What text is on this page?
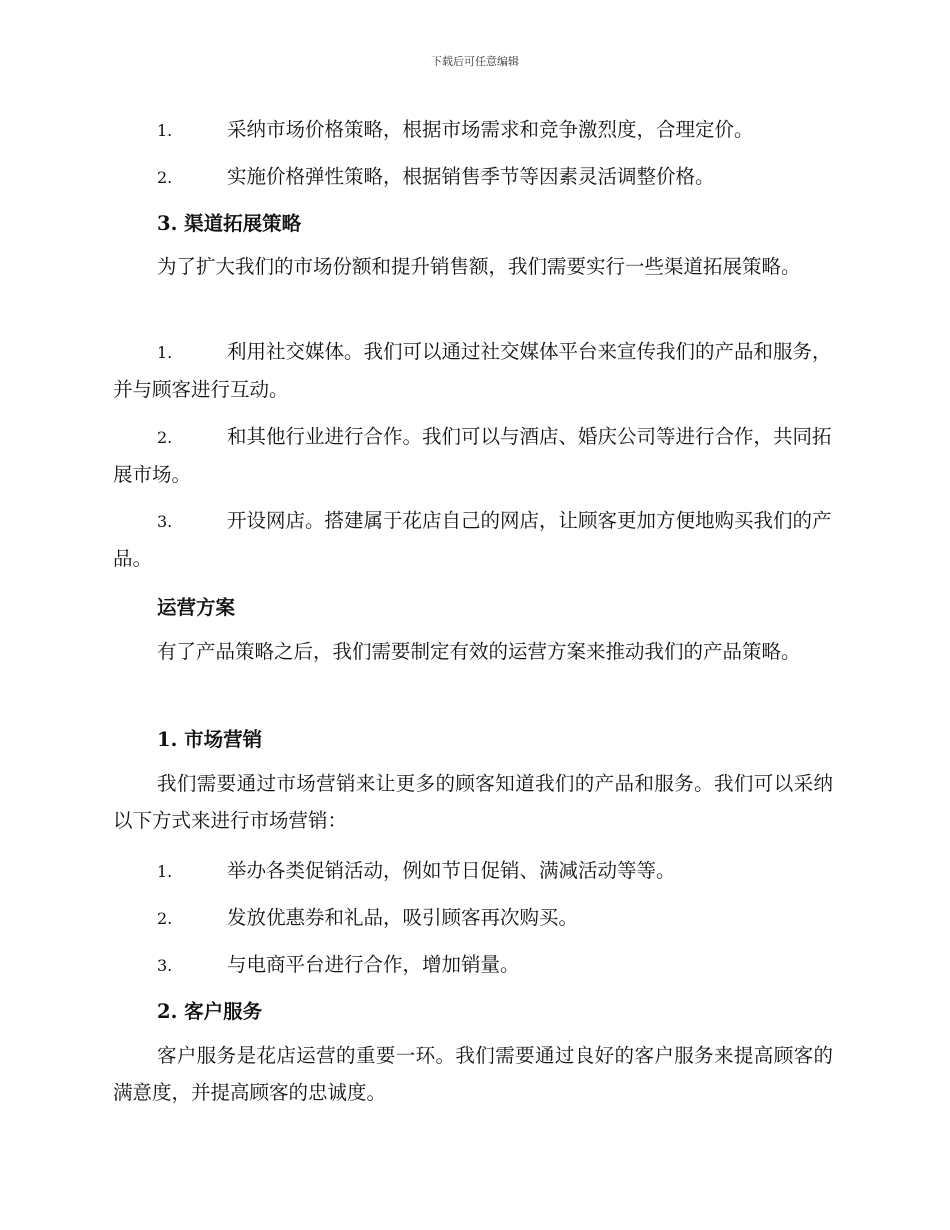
下载后可任意编辑
1.	采纳市场价格策略，根据市场需求和竞争激烈度，合理定价。
2.	实施价格弹性策略，根据销售季节等因素灵活调整价格。
3. 渠道拓展策略
为了扩大我们的市场份额和提升销售额，我们需要实行一些渠道拓展策略。
1.	利用社交媒体。我们可以通过社交媒体平台来宣传我们的产品和服务，并与顾客进行互动。
2.	和其他行业进行合作。我们可以与酒店、婚庆公司等进行合作，共同拓展市场。
3.	开设网店。搭建属于花店自己的网店，让顾客更加方便地购买我们的产品。
运营方案
有了产品策略之后，我们需要制定有效的运营方案来推动我们的产品策略。
1. 市场营销
我们需要通过市场营销来让更多的顾客知道我们的产品和服务。我们可以采纳以下方式来进行市场营销：
1.	举办各类促销活动，例如节日促销、满减活动等等。
2.	发放优惠券和礼品，吸引顾客再次购买。
3.	与电商平台进行合作，增加销量。
2. 客户服务
客户服务是花店运营的重要一环。我们需要通过良好的客户服务来提高顾客的满意度，并提高顾客的忠诚度。
